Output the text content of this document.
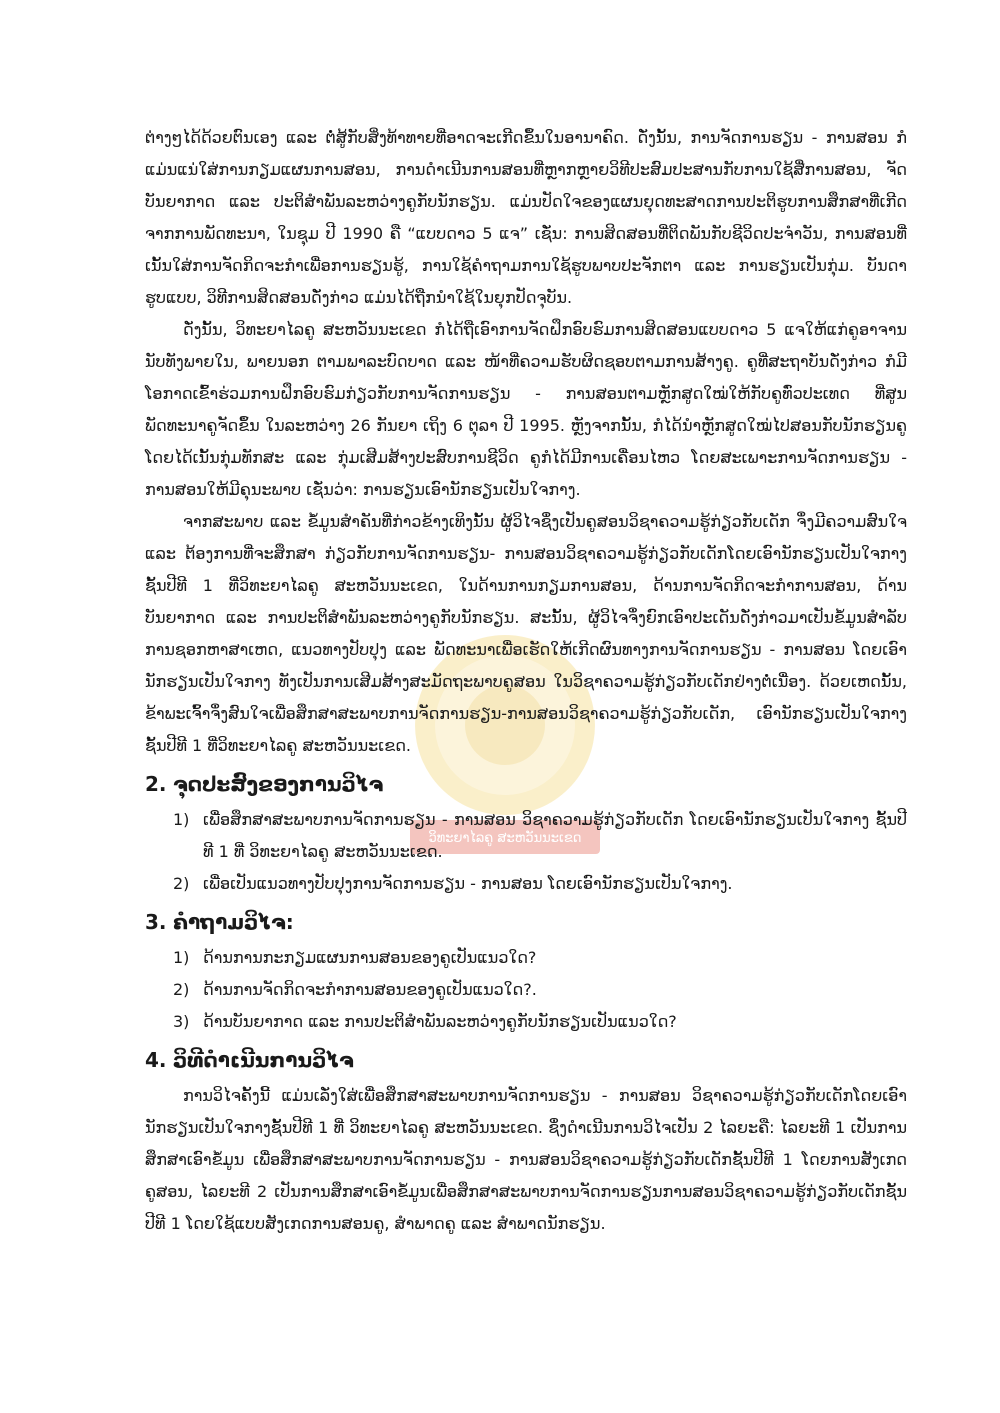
ວິທະຍາໄລຄູ ສະຫວັນນະເຂດ

ຕ່າງໆໄດ້ດ້ວຍຕົນເອງ ແລະ ຕໍ່ສູ້ກັບສິ່ງທ້າທາຍທີ່ອາດຈະເກີດຂຶ້ນໃນອານາຄົດ. ດັ່ງນັ້ນ, ການຈັດການຮຽນ - ການສອນ ກໍແມ່ນແນ່ໃສ່ການກຽມແຜນການສອນ, ການດຳເນີນການສອນທີ່ຫຼາກຫຼາຍວິທີປະສົມປະສານກັບການໃຊ້ສື່ການສອນ, ຈັດບັນຍາກາດ ແລະ ປະຕິສຳພັນລະຫວ່າງຄູກັບນັກຮຽນ. ແມ່ນປັດໃຈຂອງແຜນຍຸດທະສາດການປະຕິຮູບການສຶກສາທີ່ເກີດຈາກການພັດທະນາ, ໃນຊຸມ ປີ 1990 ຄື “ແບບດາວ 5 ແຈ” ເຊັ່ນ: ການສິດສອນທີ່ຕິດພັນກັບຊີວິດປະຈຳວັນ, ການສອນທີ່ເນັ້ນໃສ່ການຈັດກິດຈະກຳເພື່ອການຮຽນຮູ້, ການໃຊ້ຄຳຖາມການໃຊ້ຮູບພາບປະຈັກຕາ ແລະ ການຮຽນເປັນກຸ່ມ. ບັນດາຮູບແບບ, ວິທີການສິດສອນດັ່ງກ່າວ ແມ່ນໄດ້ຖືກນຳໃຊ້ໃນຍຸກປັດຈຸບັນ.

ດັ່ງນັ້ນ, ວິທະຍາໄລຄູ ສະຫວັນນະເຂດ ກໍໄດ້ຖືເອົາການຈັດຝຶກອົບຮົມການສິດສອນແບບດາວ 5 ແຈໃຫ້ແກ່ຄູອາຈານນັບທັງພາຍໃນ, ພາຍນອກ ຕາມພາລະບົດບາດ ແລະ ໜ້າທີ່ຄວາມຮັບຜິດຊອບຕາມການສ້າງຄູ. ຄູທີ່ສະຖາບັນດັ່ງກ່າວ ກໍມີໂອກາດເຂົ້າຮ່ວມການຝຶກອົບຮົມກ່ຽວກັບການຈັດການຮຽນ - ການສອນຕາມຫຼັກສູດໃໝ່ໃຫ້ກັບຄູທົ່ວປະເທດ ທີ່ສູນພັດທະນາຄູຈັດຂຶ້ນ ໃນລະຫວ່າງ 26 ກັນຍາ ເຖິງ 6 ຕຸລາ ປີ 1995. ຫຼັງຈາກນັ້ນ, ກໍໄດ້ນຳຫຼັກສູດໃໝ່ໄປສອນກັບນັກຮຽນຄູ ໂດຍໄດ້ເນັ້ນກຸ່ມທັກສະ ແລະ ກຸ່ມເສີມສ້າງປະສົບການຊີວິດ ຄູກໍໄດ້ມີການເຄື່ອນໄຫວ ໂດຍສະເພາະການຈັດການຮຽນ - ການສອນໃຫ້ມີຄຸນະພາບ ເຊັ່ນວ່າ: ການຮຽນເອົານັກຮຽນເປັນໃຈກາງ.

ຈາກສະພາບ ແລະ ຂໍ້ມູນສຳຄັນທີ່ກ່າວຂ້າງເທິງນັ້ນ ຜູ້ວິໄຈຊຶ່ງເປັນຄູສອນວິຊາຄວາມຮູ້ກ່ຽວກັບເດັກ ຈຶ່ງມີຄວາມສົນໃຈ ແລະ ຕ້ອງການທີ່ຈະສຶກສາ ກ່ຽວກັບການຈັດການຮຽນ- ການສອນວິຊາຄວາມຮູ້ກ່ຽວກັບເດັກໂດຍເອົານັກຮຽນເປັນໃຈກາງ ຊັ້ນປີທີ 1 ທີ່ວິທະຍາໄລຄູ ສະຫວັນນະເຂດ, ໃນດ້ານການກຽມການສອນ, ດ້ານການຈັດກິດຈະກຳການສອນ, ດ້ານບັນຍາກາດ ແລະ ການປະຕິສຳພັນລະຫວ່າງຄູກັບນັກຮຽນ. ສະນັ້ນ, ຜູ້ວິໄຈຈຶ່ງຍົກເອົາປະເດັນດັ່ງກ່າວມາເປັນຂໍ້ມູນສຳລັບການຊອກຫາສາເຫດ, ແນວທາງປັບປຸງ ແລະ ພັດທະນາເພື່ອເຮັດໃຫ້ເກີດຜົນທາງການຈັດການຮຽນ - ການສອນ ໂດຍເອົານັກຮຽນເປັນໃຈກາງ ທັງເປັນການເສີມສ້າງສະມັດຖະພາບຄູສອນ ໃນວິຊາຄວາມຮູ້ກ່ຽວກັບເດັກຢ່າງຕໍ່ເນື່ອງ. ດ້ວຍເຫດນັ້ນ, ຂ້າພະເຈົ້າຈຶ່ງສົນໃຈເພື່ອສຶກສາສະພາບການຈັດການຮຽນ-ການສອນວິຊາຄວາມຮູ້ກ່ຽວກັບເດັກ, ເອົານັກຮຽນເປັນໃຈກາງ ຊັ້ນປີທີ 1 ທີ່ວິທະຍາໄລຄູ ສະຫວັນນະເຂດ.

2. ຈຸດປະສົງຂອງການວິໄຈ
1) ເພື່ອສຶກສາສະພາບການຈັດການຮຽນ - ການສອນ ວິຊາຄວາມຮູ້ກ່ຽວກັບເດັກ ໂດຍເອົານັກຮຽນເປັນໃຈກາງ ຊັ້ນປີທີ 1 ທີ່ ວິທະຍາໄລຄູ ສະຫວັນນະເຂດ.
2) ເພື່ອເປັນແນວທາງປັບປຸງການຈັດການຮຽນ - ການສອນ ໂດຍເອົານັກຮຽນເປັນໃຈກາງ.
3. ຄຳຖາມວິໄຈ:
1) ດ້ານການກະກຽມແຜນການສອນຂອງຄູເປັນແນວໃດ?
2) ດ້ານການຈັດກິດຈະກຳການສອນຂອງຄູເປັນແນວໃດ?.
3) ດ້ານບັນຍາກາດ ແລະ ການປະຕິສຳພັນລະຫວ່າງຄູກັບນັກຮຽນເປັນແນວໃດ?
4. ວິທີດຳເນີນການວິໄຈ

ການວິໄຈຄັ້ງນີ້ ແມ່ນເລັ່ງໃສ່ເພື່ອສຶກສາສະພາບການຈັດການຮຽນ - ການສອນ ວິຊາຄວາມຮູ້ກ່ຽວກັບເດັກໂດຍເອົານັກຮຽນເປັນໃຈກາງຊັ້ນປີທີ 1 ທີ່ ວິທະຍາໄລຄູ ສະຫວັນນະເຂດ. ຊຶ່ງດຳເນີນການວິໄຈເປັນ 2 ໄລຍະຄື: ໄລຍະທີ 1 ເປັນການສຶກສາເອົາຂໍ້ມູນ ເພື່ອສຶກສາສະພາບການຈັດການຮຽນ - ການສອນວິຊາຄວາມຮູ້ກ່ຽວກັບເດັກຊັ້ນປີທີ 1 ໂດຍການສັງເກດຄູສອນ, ໄລຍະທີ 2 ເປັນການສຶກສາເອົາຂໍ້ມູນເພື່ອສຶກສາສະພາບການຈັດການຮຽນການສອນວິຊາຄວາມຮູ້ກ່ຽວກັບເດັກຊັ້ນປີທີ 1 ໂດຍໃຊ້ແບບສັງເກດການສອນຄູ, ສຳພາດຄູ ແລະ ສຳພາດນັກຮຽນ.
